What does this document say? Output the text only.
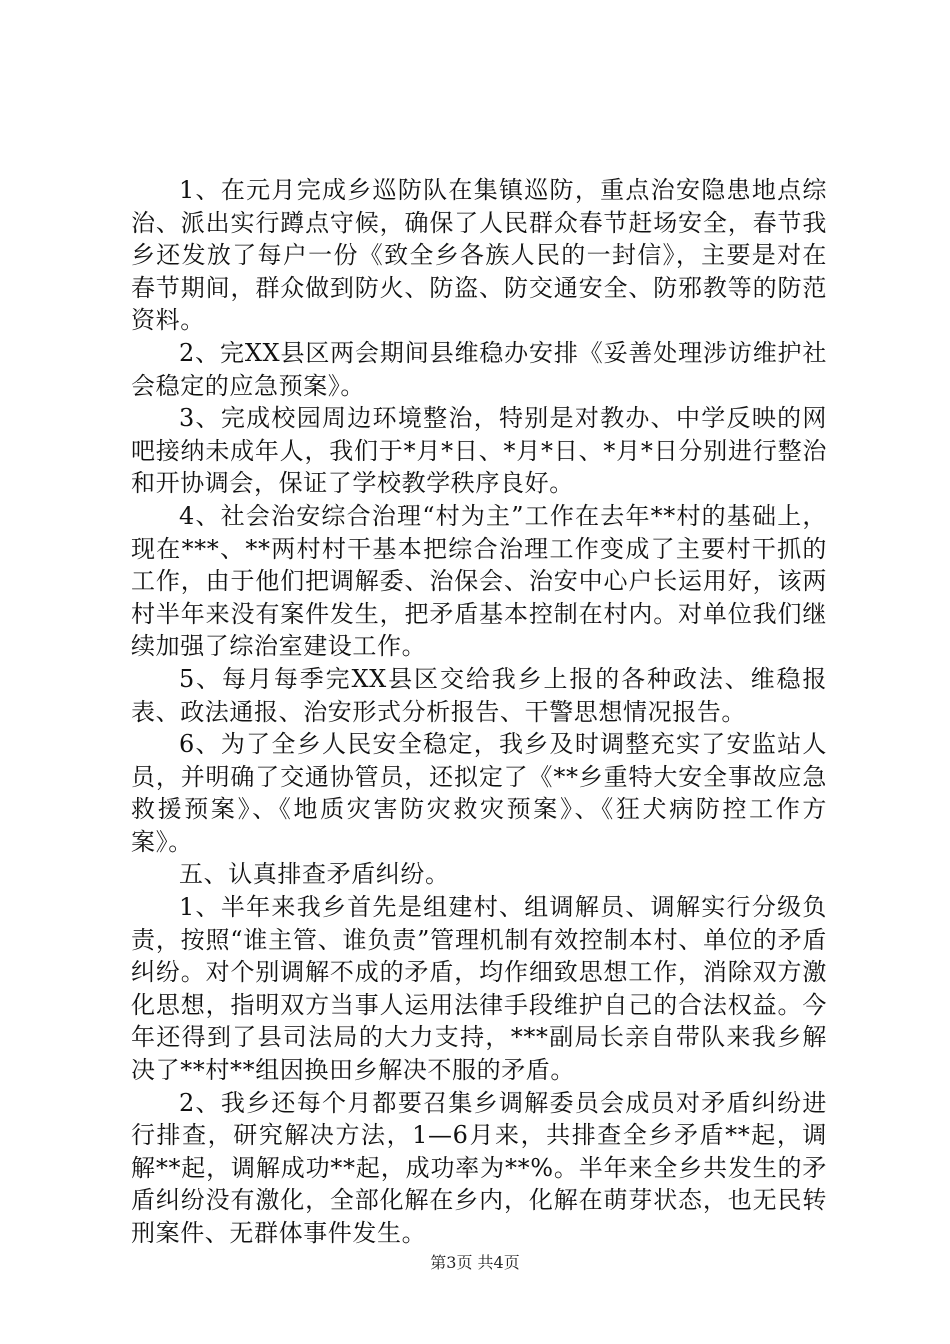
1、在元月完成乡巡防队在集镇巡防，重点治安隐患地点综治、派出实行蹲点守候，确保了人民群众春节赶场安全，春节我乡还发放了每户一份《致全乡各族人民的一封信》，主要是对在春节期间，群众做到防火、防盗、防交通安全、防邪教等的防范资料。

2、完XX县区两会期间县维稳办安排《妥善处理涉访维护社会稳定的应急预案》。

3、完成校园周边环境整治，特别是对教办、中学反映的网吧接纳未成年人，我们于*月*日、*月*日、*月*日分别进行整治和开协调会，保证了学校教学秩序良好。

4、社会治安综合治理“村为主”工作在去年**村的基础上，现在***、**两村村干基本把综合治理工作变成了主要村干抓的工作，由于他们把调解委、治保会、治安中心户长运用好，该两村半年来没有案件发生，把矛盾基本控制在村内。对单位我们继续加强了综治室建设工作。

5、每月每季完XX县区交给我乡上报的各种政法、维稳报表、政法通报、治安形式分析报告、干警思想情况报告。

6、为了全乡人民安全稳定，我乡及时调整充实了安监站人员，并明确了交通协管员，还拟定了《**乡重特大安全事故应急救援预案》、《地质灾害防灾救灾预案》、《狂犬病防控工作方案》。

五、认真排查矛盾纠纷。

1、半年来我乡首先是组建村、组调解员、调解实行分级负责，按照“谁主管、谁负责”管理机制有效控制本村、单位的矛盾纠纷。对个别调解不成的矛盾，均作细致思想工作，消除双方激化思想，指明双方当事人运用法律手段维护自己的合法权益。今年还得到了县司法局的大力支持，***副局长亲自带队来我乡解决了**村**组因换田乡解决不服的矛盾。

2、我乡还每个月都要召集乡调解委员会成员对矛盾纠纷进行排查，研究解决方法，1—6月来，共排查全乡矛盾**起，调解**起，调解成功**起，成功率为**%。半年来全乡共发生的矛盾纠纷没有激化，全部化解在乡内，化解在萌芽状态，也无民转刑案件、无群体事件发生。

第3页 共4页
